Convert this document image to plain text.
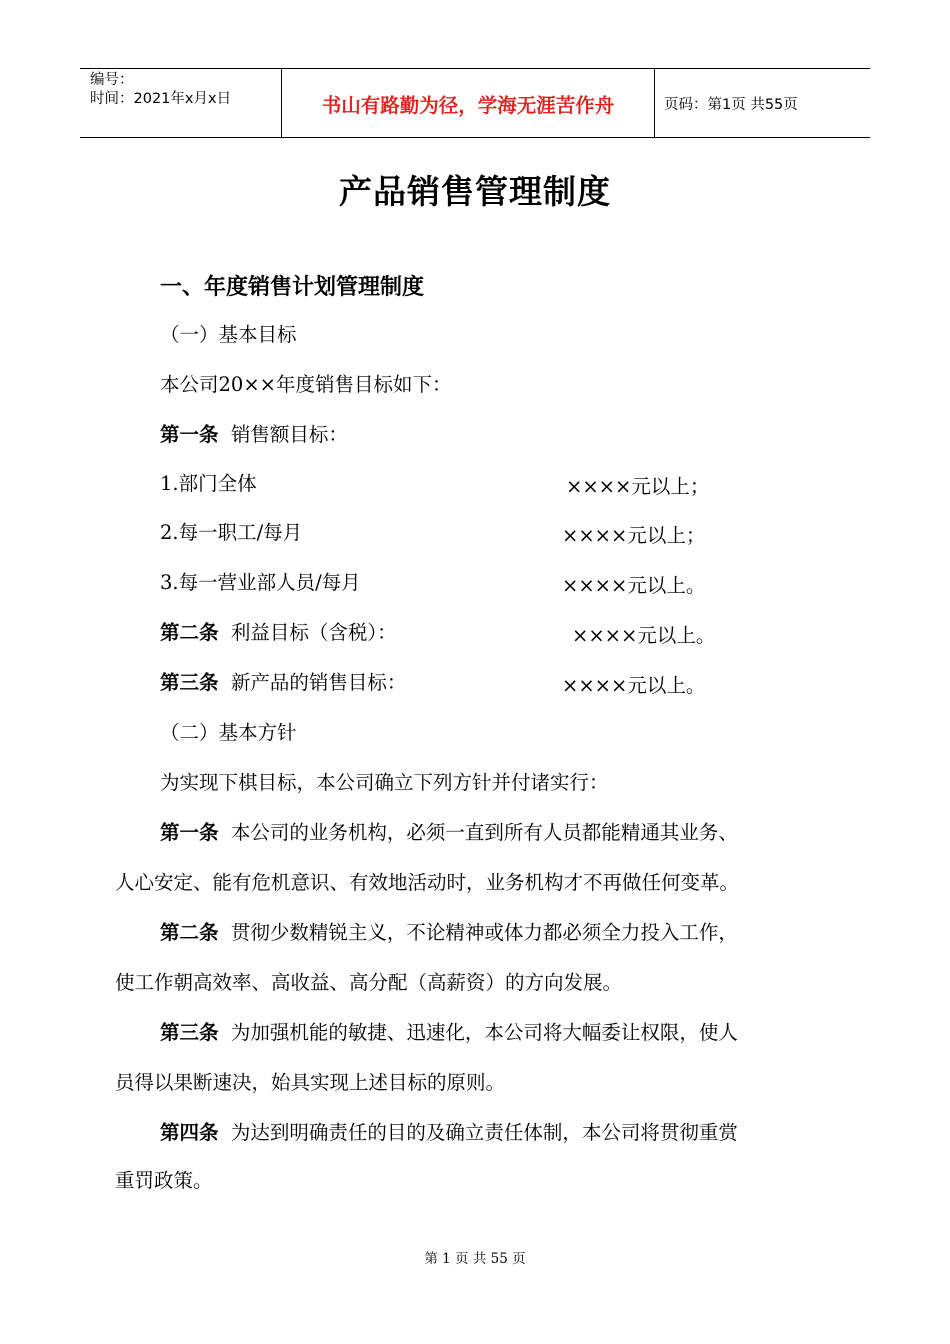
编号：
时间：2021年x月x日	书山有路勤为径，学海无涯苦作舟	页码：第1页 共55页
产品销售管理制度
一、年度销售计划管理制度
（一）基本目标
本公司20××年度销售目标如下：
第一条 销售额目标：
1.部门全体	××××元以上；
2.每一职工/每月	××××元以上；
3.每一营业部人员/每月	××××元以上。
第二条 利益目标（含税）：	××××元以上。
第三条 新产品的销售目标：	××××元以上。
（二）基本方针
为实现下棋目标，本公司确立下列方针并付诸实行：
第一条 本公司的业务机构，必须一直到所有人员都能精通其业务、
人心安定、能有危机意识、有效地活动时，业务机构才不再做任何变革。
第二条 贯彻少数精锐主义，不论精神或体力都必须全力投入工作，
使工作朝高效率、高收益、高分配（高薪资）的方向发展。
第三条 为加强机能的敏捷、迅速化，本公司将大幅委让权限，使人
员得以果断速决，始具实现上述目标的原则。
第四条 为达到明确责任的目的及确立责任体制，本公司将贯彻重赏
重罚政策。
第 1 页 共 55 页
